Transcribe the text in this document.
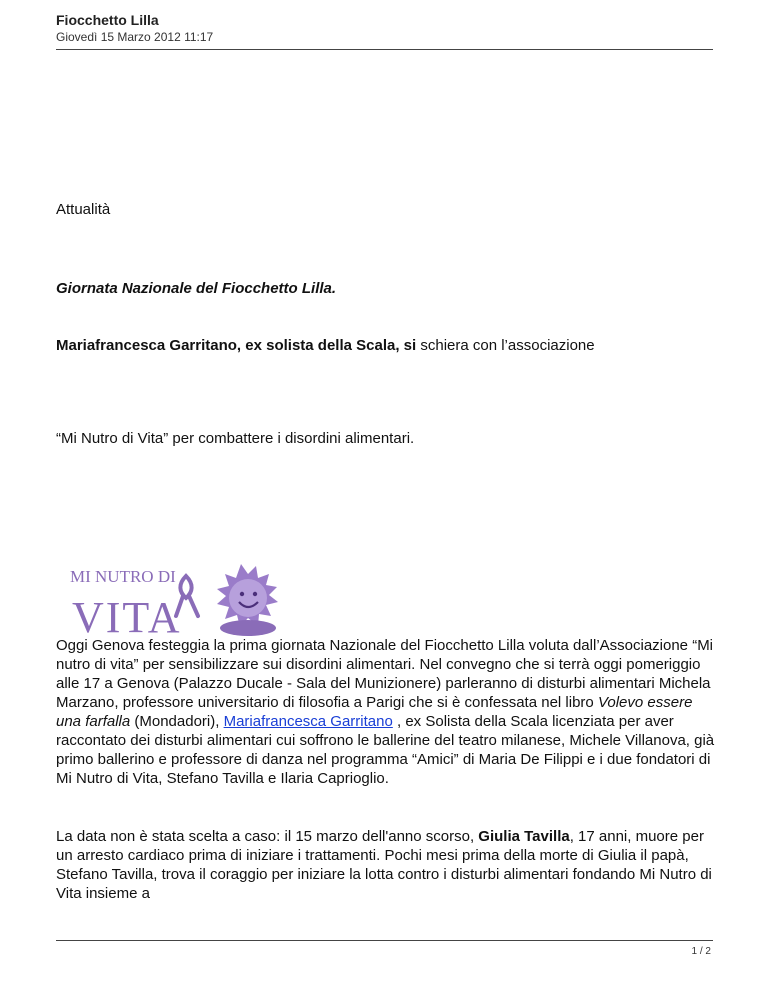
Fiocchetto Lilla
Giovedì 15 Marzo 2012 11:17

Attualità

Giornata Nazionale del Fiocchetto Lilla.

Mariafrancesca Garritano, ex solista della Scala, si schiera con l’associazione

“Mi Nutro di Vita” per combattere i disordini alimentari.

MI NUTRO DI
VITA

Oggi Genova festeggia la prima giornata Nazionale del Fiocchetto Lilla voluta dall’Associazione “Mi nutro di vita” per sensibilizzare sui disordini alimentari. Nel convegno che si terrà oggi pomeriggio alle 17 a Genova (Palazzo Ducale - Sala del Munizionere) parleranno di disturbi alimentari Michela Marzano, professore universitario di filosofia a Parigi che si è confessata nel libro Volevo essere una farfalla (Mondadori), Mariafrancesca Garritano , ex Solista della Scala licenziata per aver raccontato dei disturbi alimentari cui soffrono le ballerine del teatro milanese, Michele Villanova, già primo ballerino e professore di danza nel programma “Amici” di Maria De Filippi e i due fondatori di Mi Nutro di Vita, Stefano Tavilla e Ilaria Caprioglio.

La data non è stata scelta a caso: il 15 marzo dell'anno scorso, Giulia Tavilla, 17 anni, muore per un arresto cardiaco prima di iniziare i trattamenti. Pochi mesi prima della morte di Giulia il papà, Stefano Tavilla, trova il coraggio per iniziare la lotta contro i disturbi alimentari fondando Mi Nutro di Vita insieme a

1 / 2
